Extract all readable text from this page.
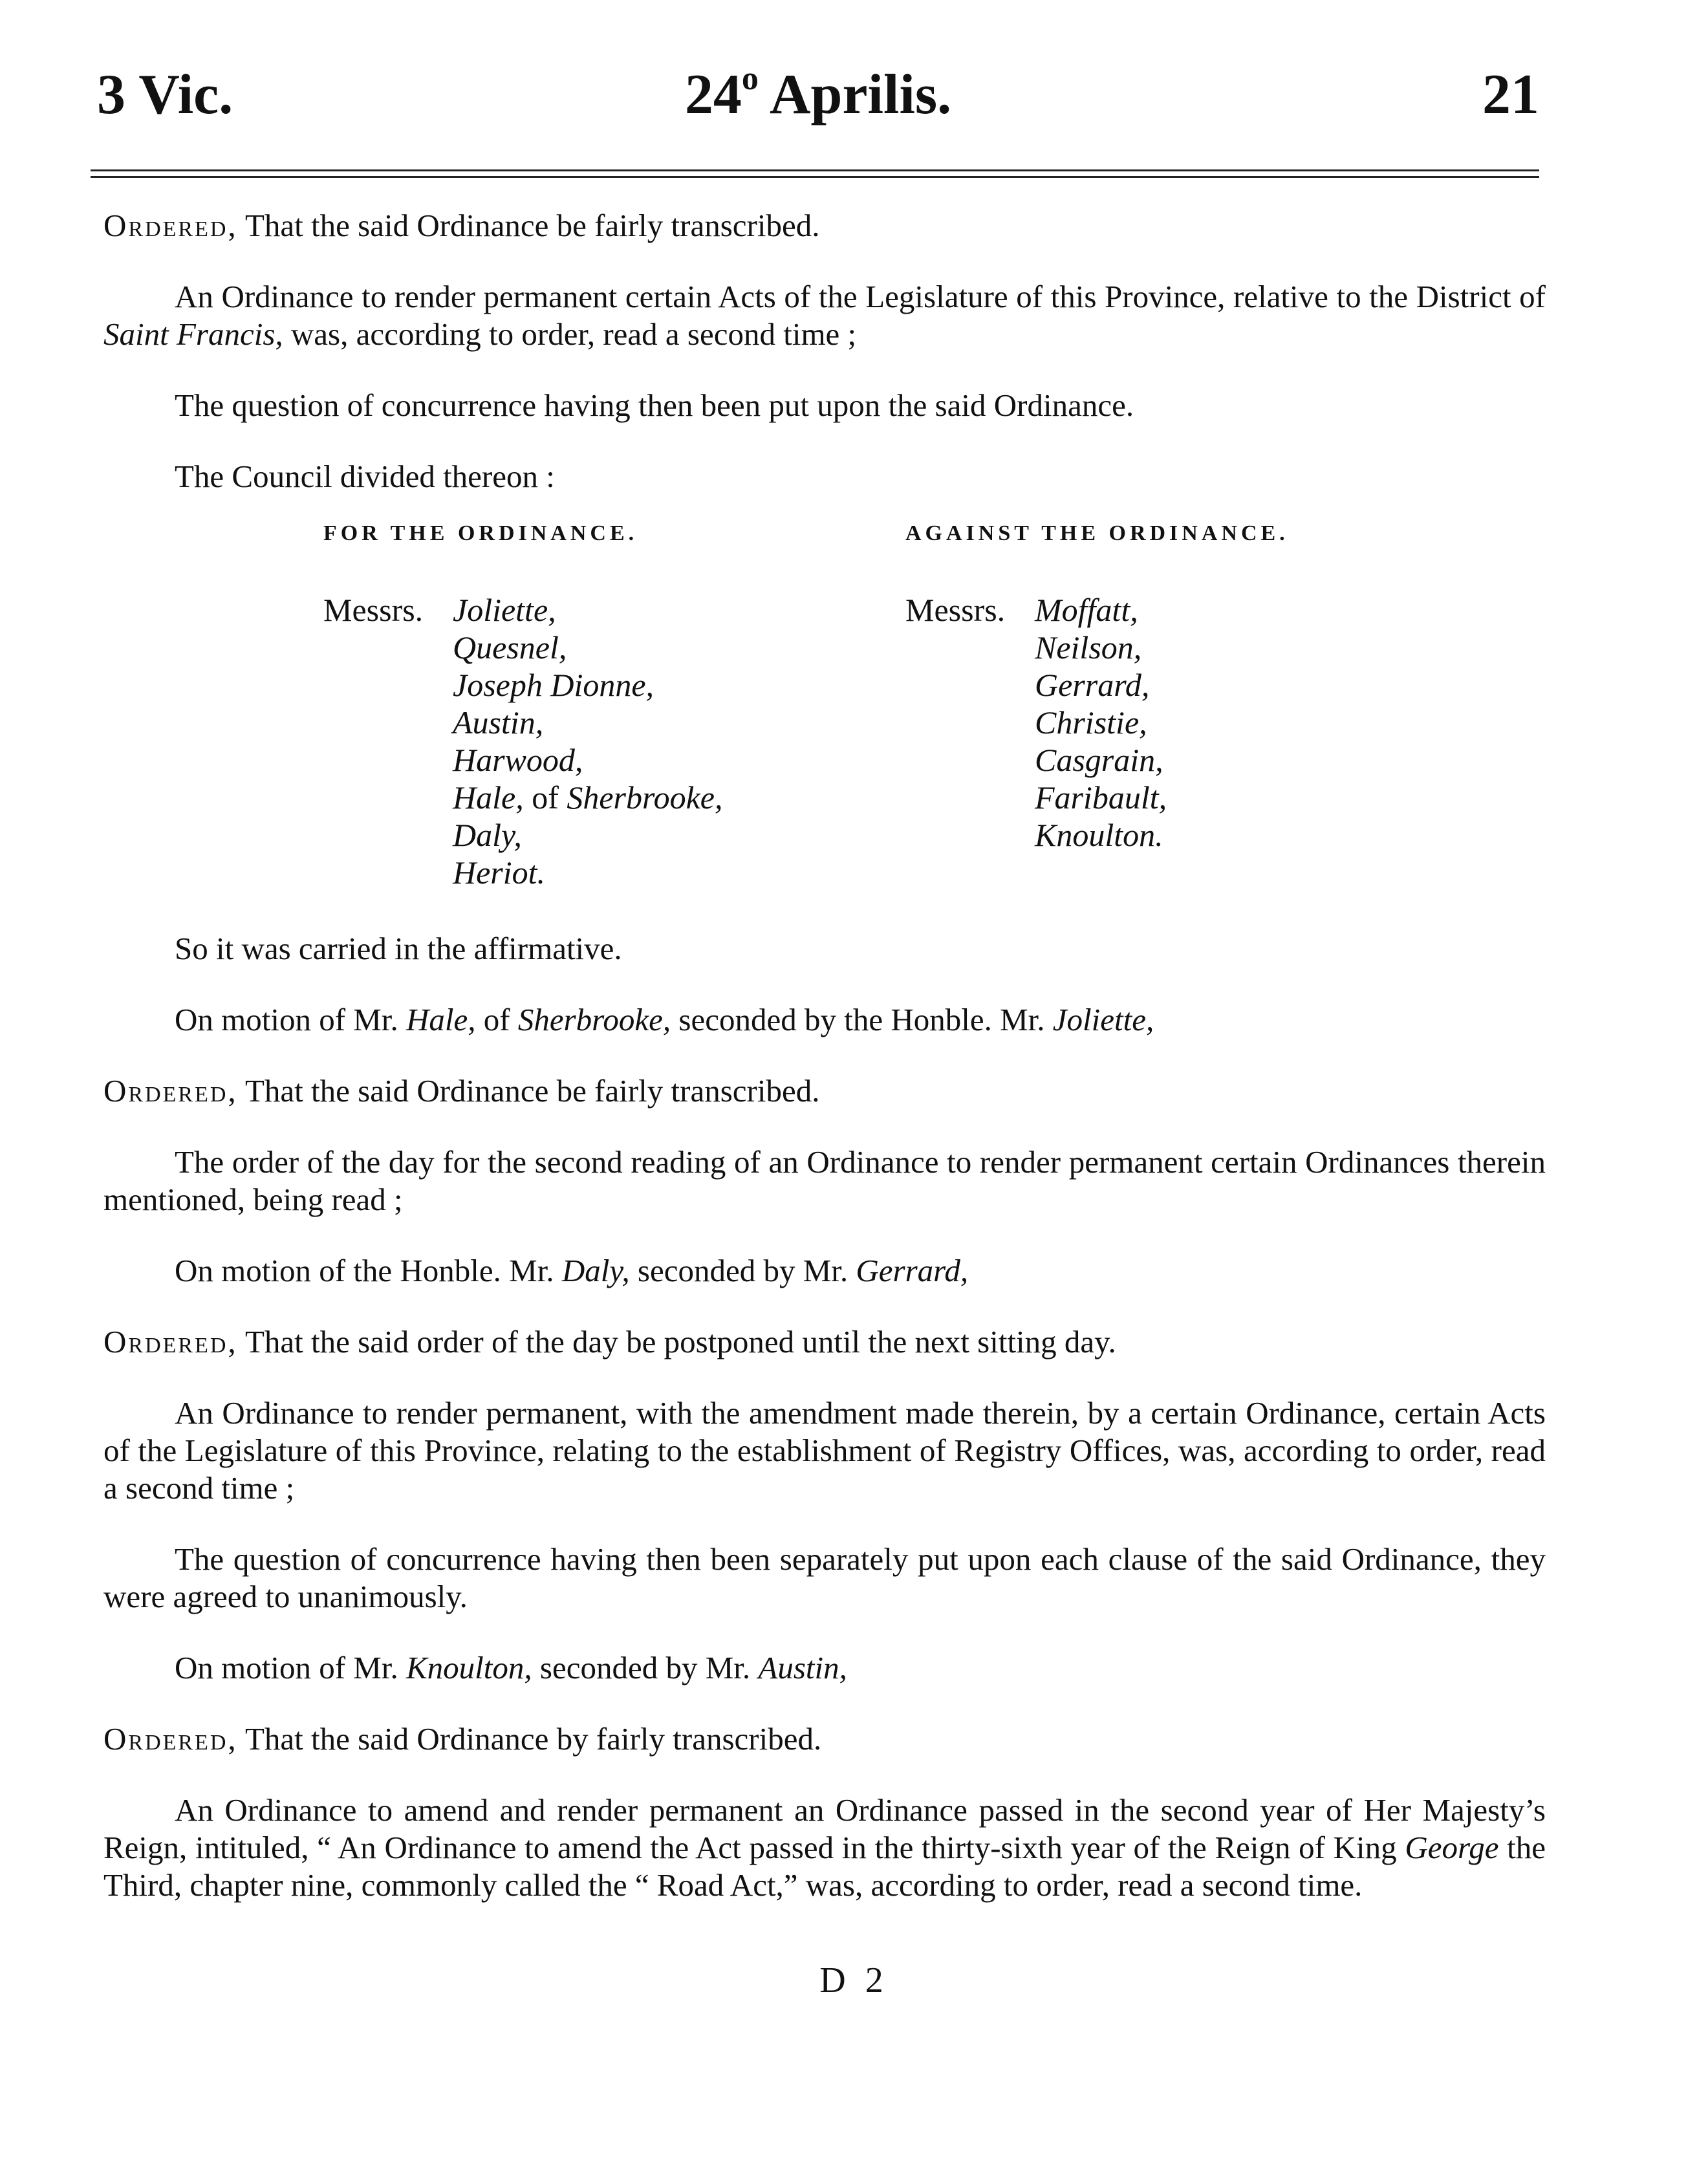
3 Vic.	24$^o$ Aprilis.	21

Ordered, That the said Ordinance be fairly transcribed.

An Ordinance to render permanent certain Acts of the Legislature of this Province, relative to the District of Saint Francis, was, according to order, read a second time ;

The question of concurrence having then been put upon the said Ordinance.

The Council divided thereon :

FOR THE ORDINANCE.
Messrs. Joliette,
Quesnel,
Joseph Dionne,
Austin,
Harwood,
Hale, of Sherbrooke,
Daly,
Heriot.
AGAINST THE ORDINANCE.
Messrs. Moffatt,
Neilson,
Gerrard,
Christie,
Casgrain,
Faribault,
Knoulton.

So it was carried in the affirmative.

On motion of Mr. Hale, of Sherbrooke, seconded by the Honble. Mr. Joliette,

Ordered, That the said Ordinance be fairly transcribed.

The order of the day for the second reading of an Ordinance to render permanent certain Ordinances therein mentioned, being read ;

On motion of the Honble. Mr. Daly, seconded by Mr. Gerrard,

Ordered, That the said order of the day be postponed until the next sitting day.

An Ordinance to render permanent, with the amendment made therein, by a certain Ordinance, certain Acts of the Legislature of this Province, relating to the establishment of Registry Offices, was, according to order, read a second time ;

The question of concurrence having then been separately put upon each clause of the said Ordinance, they were agreed to unanimously.

On motion of Mr. Knoulton, seconded by Mr. Austin,

Ordered, That the said Ordinance by fairly transcribed.

An Ordinance to amend and render permanent an Ordinance passed in the second year of Her Majesty’s Reign, intituled, “ An Ordinance to amend the Act passed in the thirty-sixth year of the Reign of King George the Third, chapter nine, commonly called the “ Road Act,” was, according to order, read a second time.

D 2
